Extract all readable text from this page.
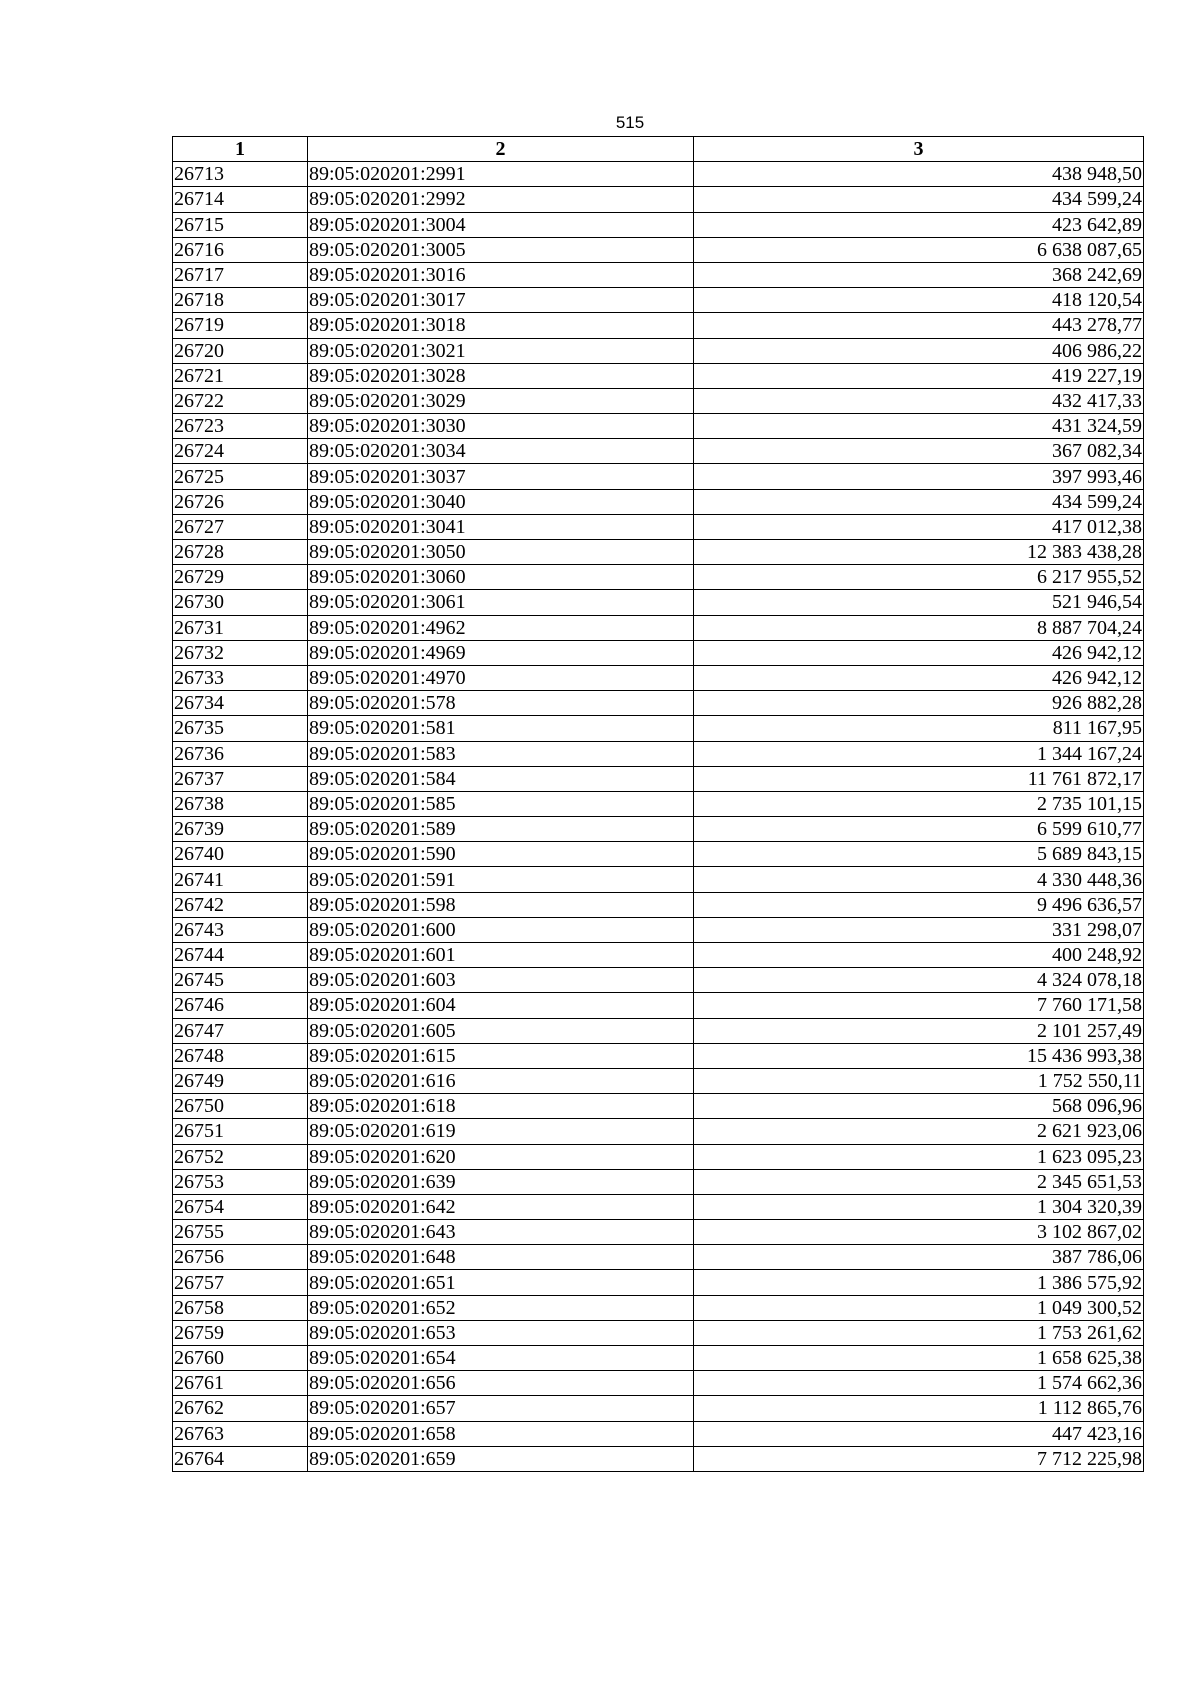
515
1	2	3
26713	89:05:020201:2991	438 948,50
26714	89:05:020201:2992	434 599,24
26715	89:05:020201:3004	423 642,89
26716	89:05:020201:3005	6 638 087,65
26717	89:05:020201:3016	368 242,69
26718	89:05:020201:3017	418 120,54
26719	89:05:020201:3018	443 278,77
26720	89:05:020201:3021	406 986,22
26721	89:05:020201:3028	419 227,19
26722	89:05:020201:3029	432 417,33
26723	89:05:020201:3030	431 324,59
26724	89:05:020201:3034	367 082,34
26725	89:05:020201:3037	397 993,46
26726	89:05:020201:3040	434 599,24
26727	89:05:020201:3041	417 012,38
26728	89:05:020201:3050	12 383 438,28
26729	89:05:020201:3060	6 217 955,52
26730	89:05:020201:3061	521 946,54
26731	89:05:020201:4962	8 887 704,24
26732	89:05:020201:4969	426 942,12
26733	89:05:020201:4970	426 942,12
26734	89:05:020201:578	926 882,28
26735	89:05:020201:581	811 167,95
26736	89:05:020201:583	1 344 167,24
26737	89:05:020201:584	11 761 872,17
26738	89:05:020201:585	2 735 101,15
26739	89:05:020201:589	6 599 610,77
26740	89:05:020201:590	5 689 843,15
26741	89:05:020201:591	4 330 448,36
26742	89:05:020201:598	9 496 636,57
26743	89:05:020201:600	331 298,07
26744	89:05:020201:601	400 248,92
26745	89:05:020201:603	4 324 078,18
26746	89:05:020201:604	7 760 171,58
26747	89:05:020201:605	2 101 257,49
26748	89:05:020201:615	15 436 993,38
26749	89:05:020201:616	1 752 550,11
26750	89:05:020201:618	568 096,96
26751	89:05:020201:619	2 621 923,06
26752	89:05:020201:620	1 623 095,23
26753	89:05:020201:639	2 345 651,53
26754	89:05:020201:642	1 304 320,39
26755	89:05:020201:643	3 102 867,02
26756	89:05:020201:648	387 786,06
26757	89:05:020201:651	1 386 575,92
26758	89:05:020201:652	1 049 300,52
26759	89:05:020201:653	1 753 261,62
26760	89:05:020201:654	1 658 625,38
26761	89:05:020201:656	1 574 662,36
26762	89:05:020201:657	1 112 865,76
26763	89:05:020201:658	447 423,16
26764	89:05:020201:659	7 712 225,98
